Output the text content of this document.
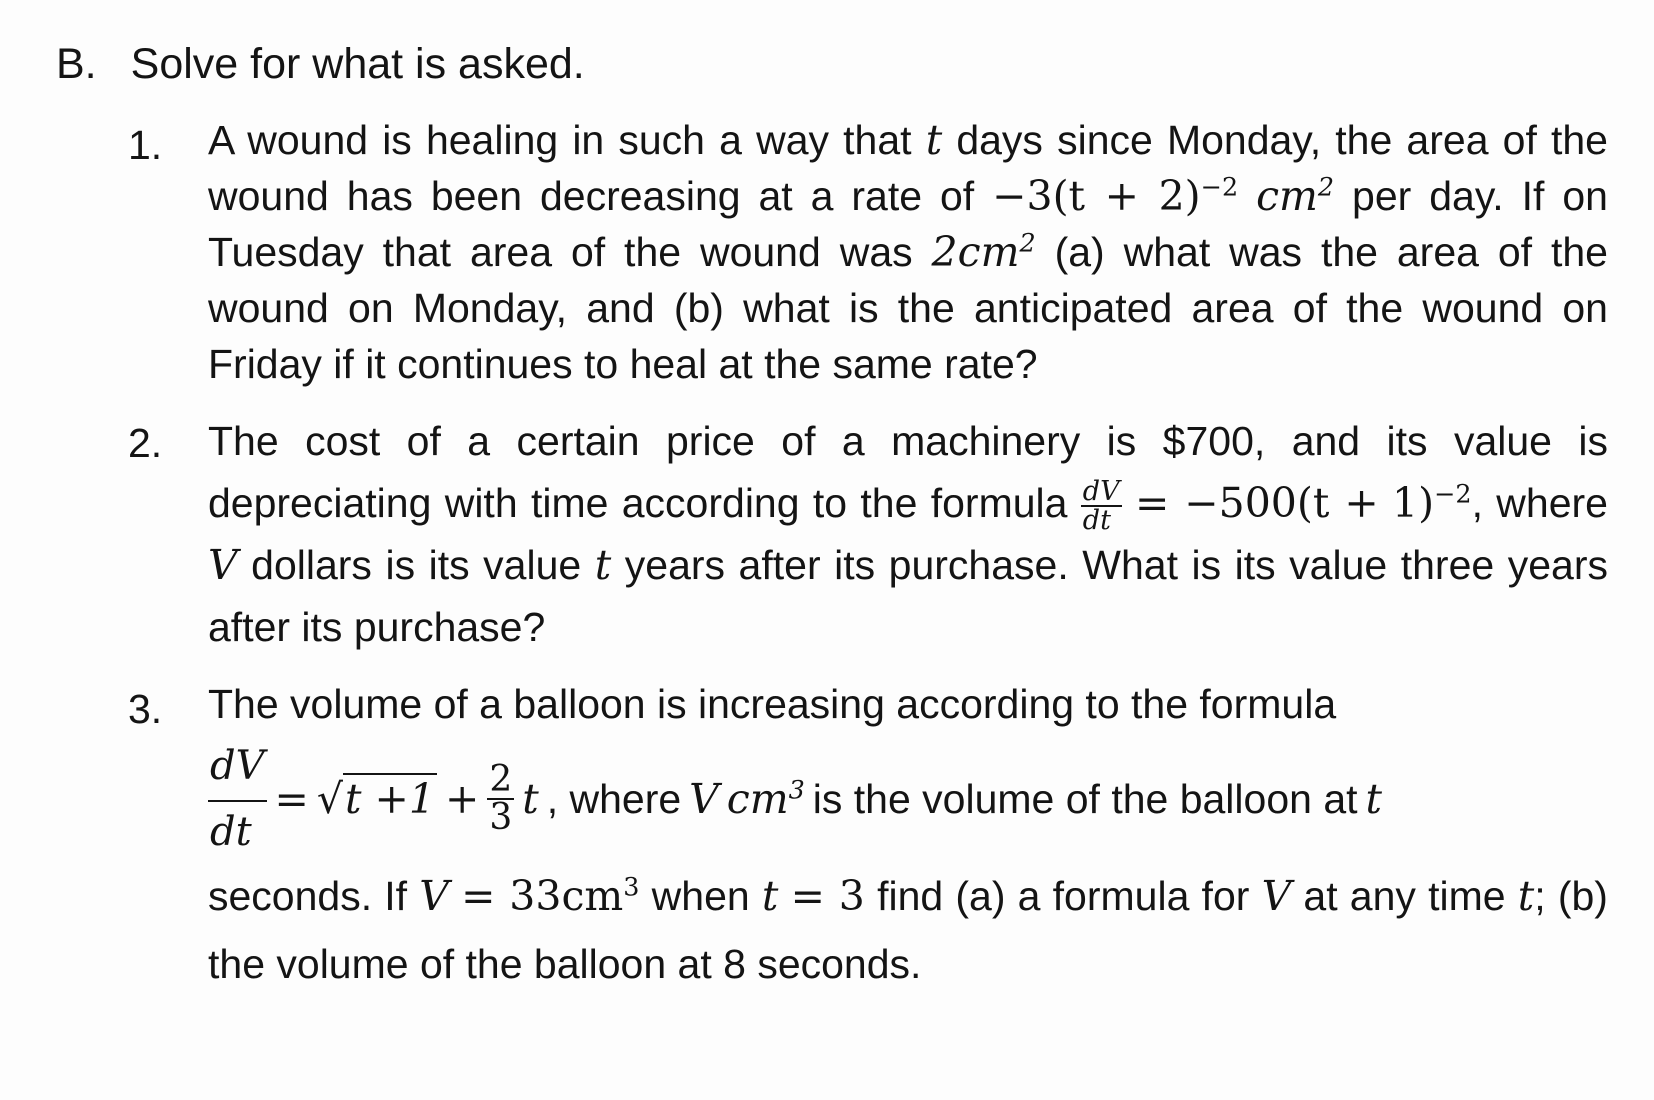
B. Solve for what is asked.
1.	A wound is healing in such a way that t days since Monday, the area of the wound has been decreasing at a rate of $-3(t + 2)^{-2}$ $cm^2$ per day. If on Tuesday that area of the wound was $2cm^2$ (a) what was the area of the wound on Monday, and (b) what is the anticipated area of the wound on Friday if it continues to heal at the same rate?
2.	The cost of a certain price of a machinery is $700, and its value is depreciating with time according to the formula $\frac{dV}{dt} = -500(t + 1)^{-2}$, where V dollars is its value t years after its purchase. What is its value three years after its purchase?
3.	The volume of a balloon is increasing according to the formula
$\frac{dV}{dt} = √t +1 + \frac{2}{3}$ t , where V $cm^3$ is the volume of the balloon at t
seconds. If $V = 33cm^3$ when t = 3 find (a) a formula for V at any time t; (b) the volume of the balloon at 8 seconds.
